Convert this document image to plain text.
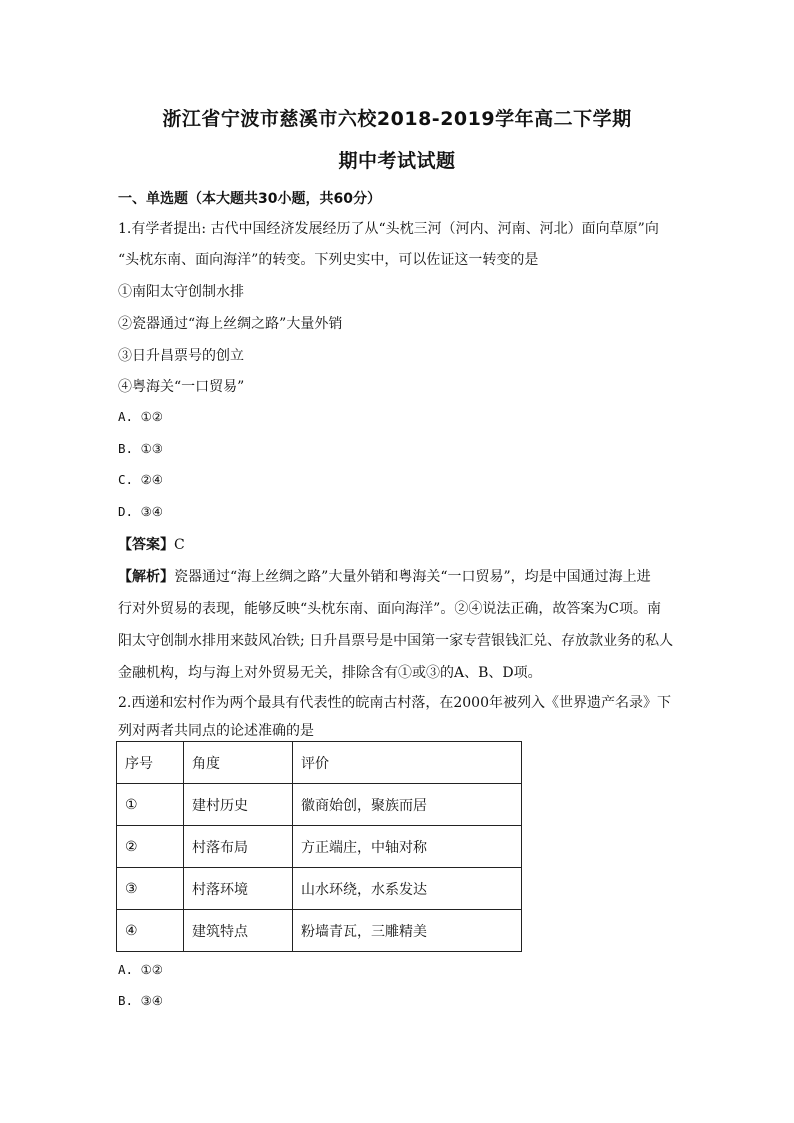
浙江省宁波市慈溪市六校2018-2019学年高二下学期
期中考试试题
一、单选题（本大题共30小题，共60分）
1.有学者提出: 古代中国经济发展经历了从“头枕三河（河内、河南、河北）面向草原”向
“头枕东南、面向海洋”的转变。下列史实中，可以佐证这一转变的是
①南阳太守创制水排
②瓷器通过“海上丝绸之路”大量外销
③日升昌票号的创立
④粤海关“一口贸易”
A. ①②
B. ①③
C. ②④
D. ③④
【答案】C
【解析】瓷器通过“海上丝绸之路”大量外销和粤海关“一口贸易”，均是中国通过海上进
行对外贸易的表现，能够反映“头枕东南、面向海洋”。②④说法正确，故答案为C项。南
阳太守创制水排用来鼓风冶铁; 日升昌票号是中国第一家专营银钱汇兑、存放款业务的私人
金融机构，均与海上对外贸易无关，排除含有①或③的A、B、D项。
2.西递和宏村作为两个最具有代表性的皖南古村落，在2000年被列入《世界遗产名录》下
列对两者共同点的论述准确的是
序号	角度	评价
①	建村历史	徽商始创，聚族而居
②	村落布局	方正端庄，中轴对称
③	村落环境	山水环绕，水系发达
④	建筑特点	粉墙青瓦，三雕精美
A. ①②
B. ③④
